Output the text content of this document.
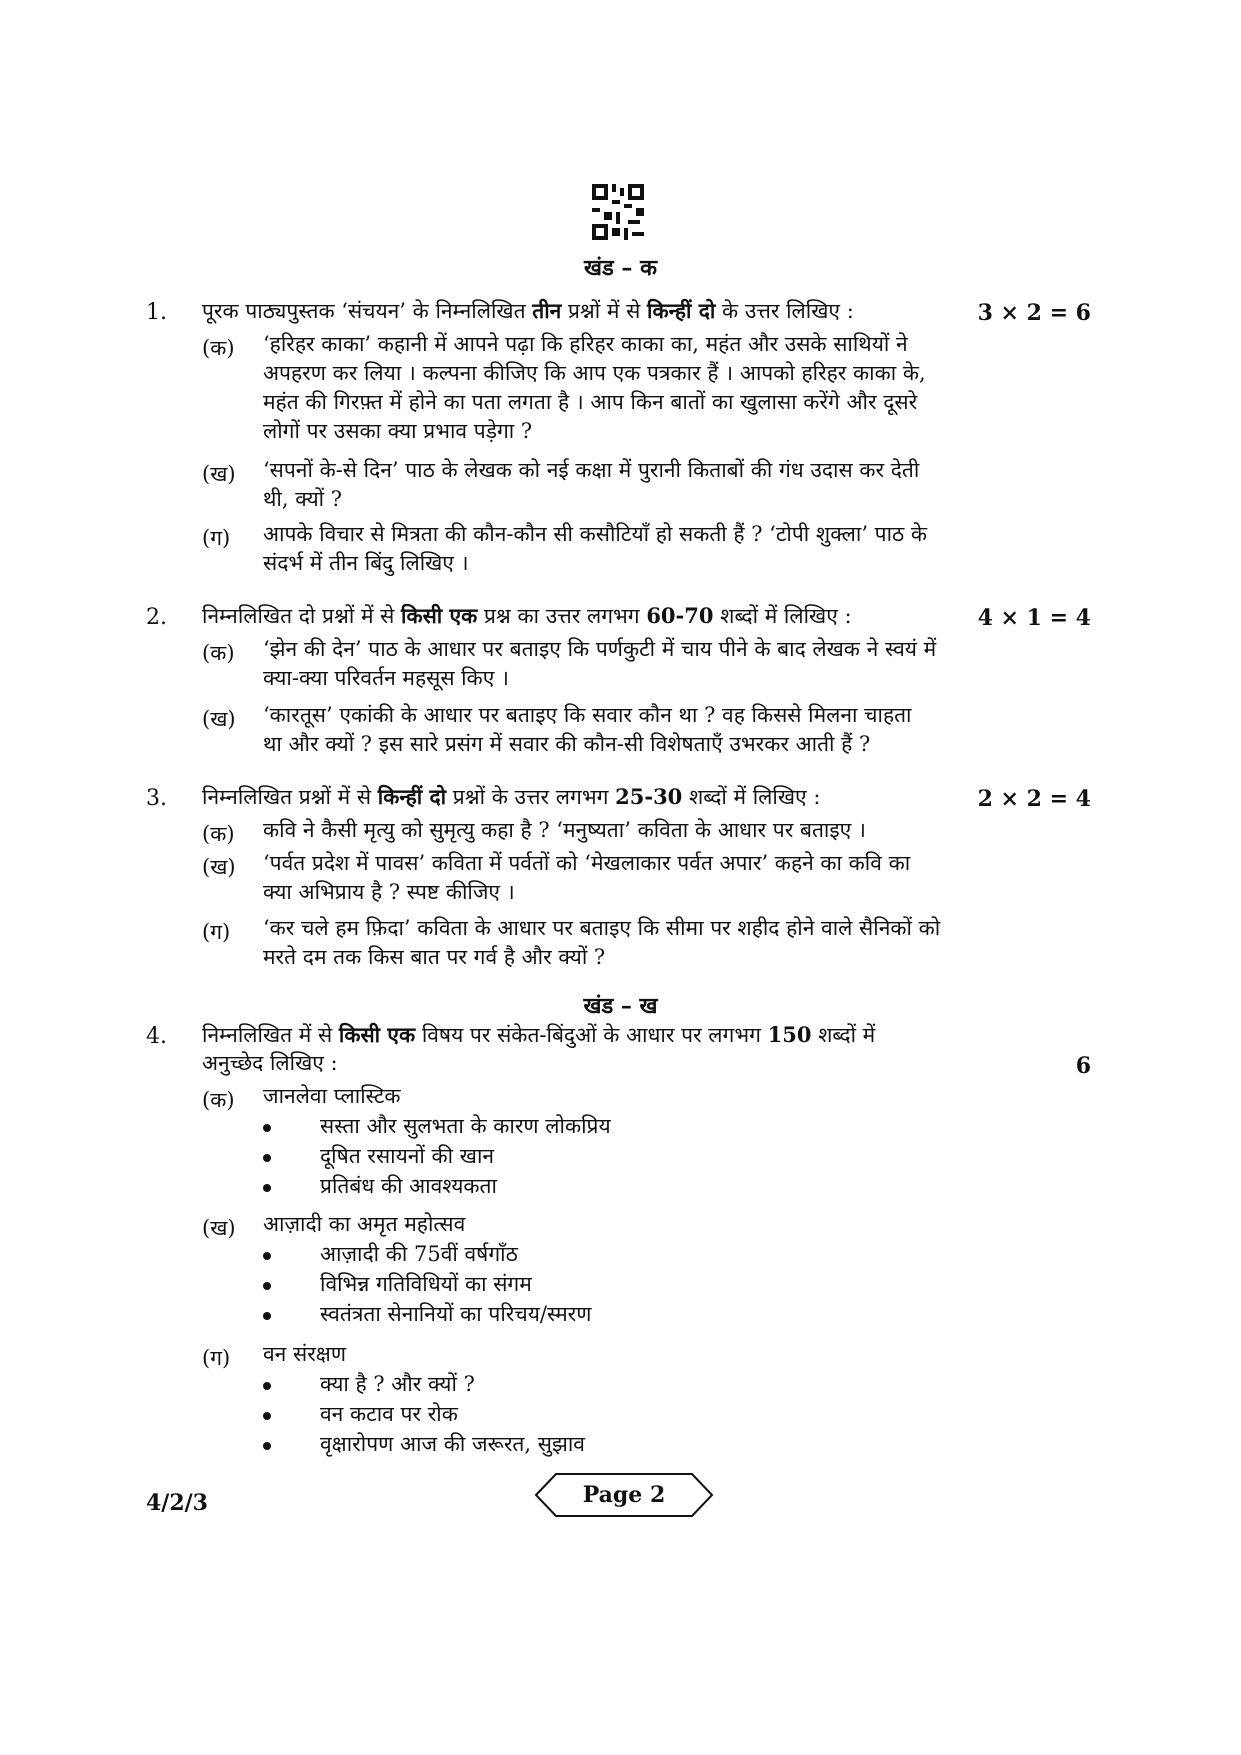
खंड – क
1. पूरक पाठ्यपुस्तक ‘संचयन’ के निम्नलिखित तीन प्रश्नों में से किन्हीं दो के उत्तर लिखिए :	3 × 2 = 6
(क) ‘हरिहर काका’ कहानी में आपने पढ़ा कि हरिहर काका का, महंत और उसके साथियों ने
अपहरण कर लिया । कल्पना कीजिए कि आप एक पत्रकार हैं । आपको हरिहर काका के,
महंत की गिरफ़्त में होने का पता लगता है । आप किन बातों का खुलासा करेंगे और दूसरे
लोगों पर उसका क्या प्रभाव पड़ेगा ?
(ख) ‘सपनों के-से दिन’ पाठ के लेखक को नई कक्षा में पुरानी किताबों की गंध उदास कर देती
थी, क्यों ?
(ग) आपके विचार से मित्रता की कौन-कौन सी कसौटियाँ हो सकती हैं ? ‘टोपी शुक्ला’ पाठ के
संदर्भ में तीन बिंदु लिखिए ।
2. निम्नलिखित दो प्रश्नों में से किसी एक प्रश्न का उत्तर लगभग 60-70 शब्दों में लिखिए :	4 × 1 = 4
(क) ‘झेन की देन’ पाठ के आधार पर बताइए कि पर्णकुटी में चाय पीने के बाद लेखक ने स्वयं में
क्या-क्या परिवर्तन महसूस किए ।
(ख) ‘कारतूस’ एकांकी के आधार पर बताइए कि सवार कौन था ? वह किससे मिलना चाहता
था और क्यों ? इस सारे प्रसंग में सवार की कौन-सी विशेषताएँ उभरकर आती हैं ?
3. निम्नलिखित प्रश्नों में से किन्हीं दो प्रश्नों के उत्तर लगभग 25-30 शब्दों में लिखिए :	2 × 2 = 4
(क) कवि ने कैसी मृत्यु को सुमृत्यु कहा है ? ‘मनुष्यता’ कविता के आधार पर बताइए ।
(ख) ‘पर्वत प्रदेश में पावस’ कविता में पर्वतों को ‘मेखलाकार पर्वत अपार’ कहने का कवि का
क्या अभिप्राय है ? स्पष्ट कीजिए ।
(ग) ‘कर चले हम फ़िदा’ कविता के आधार पर बताइए कि सीमा पर शहीद होने वाले सैनिकों को
मरते दम तक किस बात पर गर्व है और क्यों ?
खंड – ख
4. निम्नलिखित में से किसी एक विषय पर संकेत-बिंदुओं के आधार पर लगभग 150 शब्दों में
अनुच्छेद लिखिए :	6
(क) जानलेवा प्लास्टिक
सस्ता और सुलभता के कारण लोकप्रिय
दूषित रसायनों की खान
प्रतिबंध की आवश्यकता
(ख) आज़ादी का अमृत महोत्सव
आज़ादी की 75वीं वर्षगाँठ
विभिन्न गतिविधियों का संगम
स्वतंत्रता सेनानियों का परिचय/स्मरण
(ग) वन संरक्षण
क्या है ? और क्यों ?
वन कटाव पर रोक
वृक्षारोपण आज की जरूरत, सुझाव
4/2/3	Page 2
